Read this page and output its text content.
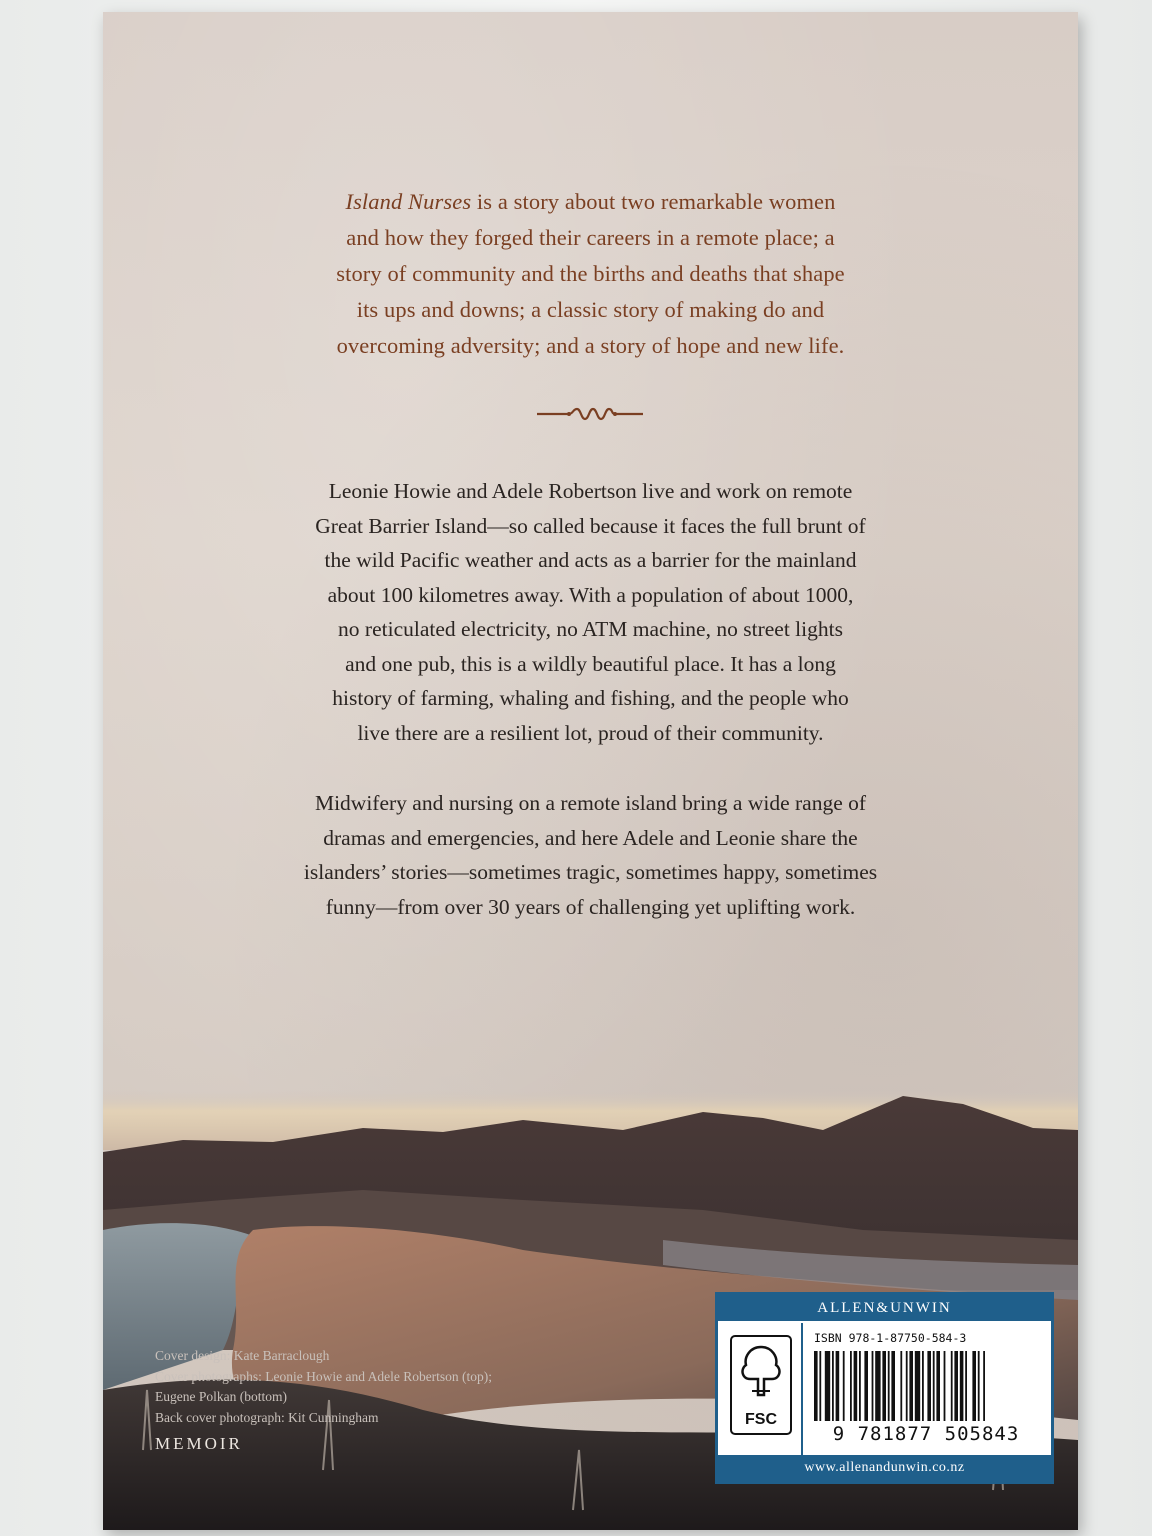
Island Nurses is a story about two remarkable women
and how they forged their careers in a remote place; a
story of community and the births and deaths that shape
its ups and downs; a classic story of making do and
overcoming adversity; and a story of hope and new life.
Leonie Howie and Adele Robertson live and work on remote
Great Barrier Island—so called because it faces the full brunt of
the wild Pacific weather and acts as a barrier for the mainland
about 100 kilometres away. With a population of about 1000,
no reticulated electricity, no ATM machine, no street lights
and one pub, this is a wildly beautiful place. It has a long
history of farming, whaling and fishing, and the people who
live there are a resilient lot, proud of their community.
Midwifery and nursing on a remote island bring a wide range of
dramas and emergencies, and here Adele and Leonie share the
islanders’ stories—sometimes tragic, sometimes happy, sometimes
funny—from over 30 years of challenging yet uplifting work.
Cover design: Kate Barraclough
Cover photographs: Leonie Howie and Adele Robertson (top);
Eugene Polkan (bottom)
Back cover photograph: Kit Cunningham
MEMOIR
ALLEN&UNWIN
FSC
ISBN 978-1-87750-584-3
9 781877 505843
www.allenandunwin.co.nz
